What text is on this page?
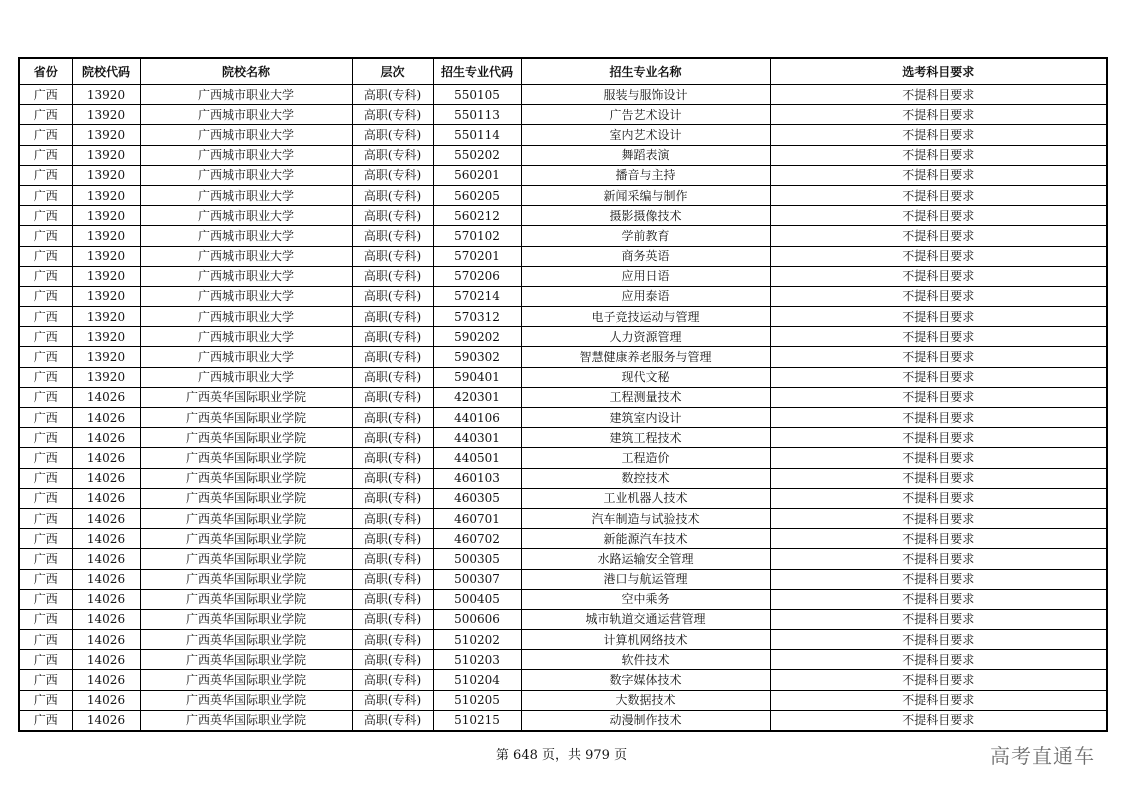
省份	院校代码	院校名称	层次	招生专业代码	招生专业名称	选考科目要求
广西	13920	广西城市职业大学	高职(专科)	550105	服装与服饰设计	不提科目要求
广西	13920	广西城市职业大学	高职(专科)	550113	广告艺术设计	不提科目要求
广西	13920	广西城市职业大学	高职(专科)	550114	室内艺术设计	不提科目要求
广西	13920	广西城市职业大学	高职(专科)	550202	舞蹈表演	不提科目要求
广西	13920	广西城市职业大学	高职(专科)	560201	播音与主持	不提科目要求
广西	13920	广西城市职业大学	高职(专科)	560205	新闻采编与制作	不提科目要求
广西	13920	广西城市职业大学	高职(专科)	560212	摄影摄像技术	不提科目要求
广西	13920	广西城市职业大学	高职(专科)	570102	学前教育	不提科目要求
广西	13920	广西城市职业大学	高职(专科)	570201	商务英语	不提科目要求
广西	13920	广西城市职业大学	高职(专科)	570206	应用日语	不提科目要求
广西	13920	广西城市职业大学	高职(专科)	570214	应用泰语	不提科目要求
广西	13920	广西城市职业大学	高职(专科)	570312	电子竞技运动与管理	不提科目要求
广西	13920	广西城市职业大学	高职(专科)	590202	人力资源管理	不提科目要求
广西	13920	广西城市职业大学	高职(专科)	590302	智慧健康养老服务与管理	不提科目要求
广西	13920	广西城市职业大学	高职(专科)	590401	现代文秘	不提科目要求
广西	14026	广西英华国际职业学院	高职(专科)	420301	工程测量技术	不提科目要求
广西	14026	广西英华国际职业学院	高职(专科)	440106	建筑室内设计	不提科目要求
广西	14026	广西英华国际职业学院	高职(专科)	440301	建筑工程技术	不提科目要求
广西	14026	广西英华国际职业学院	高职(专科)	440501	工程造价	不提科目要求
广西	14026	广西英华国际职业学院	高职(专科)	460103	数控技术	不提科目要求
广西	14026	广西英华国际职业学院	高职(专科)	460305	工业机器人技术	不提科目要求
广西	14026	广西英华国际职业学院	高职(专科)	460701	汽车制造与试验技术	不提科目要求
广西	14026	广西英华国际职业学院	高职(专科)	460702	新能源汽车技术	不提科目要求
广西	14026	广西英华国际职业学院	高职(专科)	500305	水路运输安全管理	不提科目要求
广西	14026	广西英华国际职业学院	高职(专科)	500307	港口与航运管理	不提科目要求
广西	14026	广西英华国际职业学院	高职(专科)	500405	空中乘务	不提科目要求
广西	14026	广西英华国际职业学院	高职(专科)	500606	城市轨道交通运营管理	不提科目要求
广西	14026	广西英华国际职业学院	高职(专科)	510202	计算机网络技术	不提科目要求
广西	14026	广西英华国际职业学院	高职(专科)	510203	软件技术	不提科目要求
广西	14026	广西英华国际职业学院	高职(专科)	510204	数字媒体技术	不提科目要求
广西	14026	广西英华国际职业学院	高职(专科)	510205	大数据技术	不提科目要求
广西	14026	广西英华国际职业学院	高职(专科)	510215	动漫制作技术	不提科目要求
第 648 页，共 979 页	高考直通车
